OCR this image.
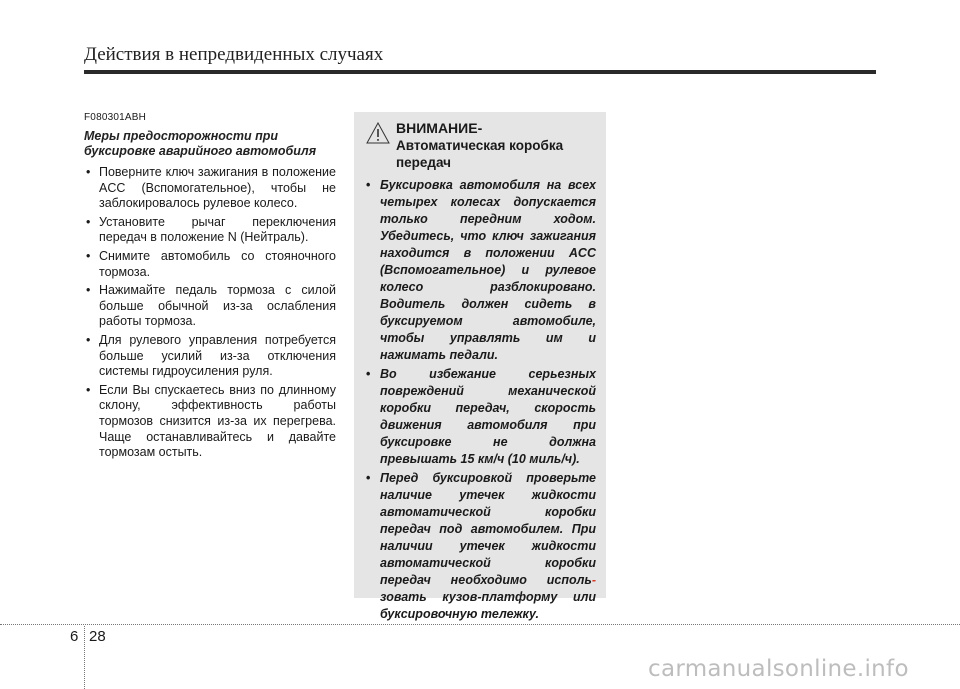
Действия в непредвиденных случаях
F080301ABH
Меры предосторожности при буксировке аварийного автомобиля
• Поверните ключ зажигания в положение ACC (Вспомогательное), чтобы не заблокировалось рулевое колесо.
• Установите рычаг переключения передач в положение N (Нейтраль).
• Снимите автомобиль со стояночного тормоза.
• Нажимайте педаль тормоза с силой больше обычной из-за ослабления работы тормоза.
• Для рулевого управления потребуется больше усилий из-за отключения системы гидроусиления руля.
• Если Вы спускаетесь вниз по длинному склону, эффективность работы тормозов снизится из-за их перегрева. Чаще останавливайтесь и давайте тормозам остыть.
ВНИМАНИЕ-
Автоматическая коробка передач
• Буксировка автомобиля на всех четырех колесах допускается только передним ходом. Убедитесь, что ключ зажигания находится в положении ACC (Вспомогательное) и рулевое колесо разблокировано. Водитель должен сидеть в буксируемом автомобиле, чтобы управлять им и нажимать педали.
• Во избежание серьезных повреждений механической коробки передач, скорость движения автомобиля при буксировке не должна превышать 15 км/ч (10 миль/ч).
• Перед буксировкой проверьте наличие утечек жидкости автоматической коробки передач под автомобилем. При наличии утечек жидкости автоматической коробки передач необходимо исполь- зовать кузов-платформу или буксировочную тележку.
6 28
carmanualsonline.info
